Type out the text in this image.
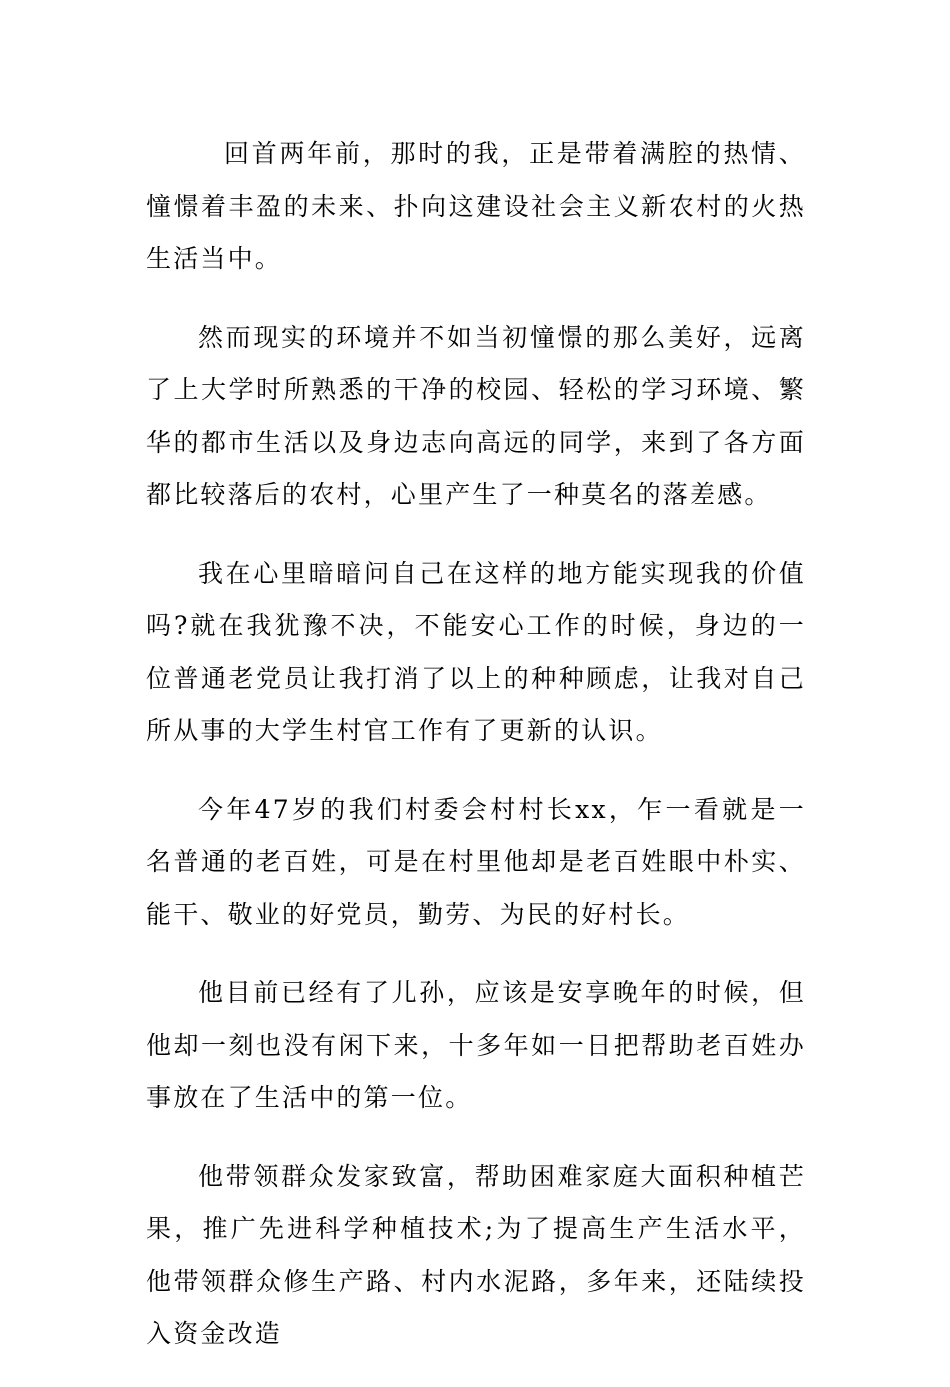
回首两年前，那时的我，正是带着满腔的热情、憧憬着丰盈的未来、扑向这建设社会主义新农村的火热生活当中。

然而现实的环境并不如当初憧憬的那么美好，远离了上大学时所熟悉的干净的校园、轻松的学习环境、繁华的都市生活以及身边志向高远的同学，来到了各方面都比较落后的农村，心里产生了一种莫名的落差感。

我在心里暗暗问自己在这样的地方能实现我的价值吗?就在我犹豫不决，不能安心工作的时候，身边的一位普通老党员让我打消了以上的种种顾虑，让我对自己所从事的大学生村官工作有了更新的认识。

今年47岁的我们村委会村村长xx，乍一看就是一名普通的老百姓，可是在村里他却是老百姓眼中朴实、能干、敬业的好党员，勤劳、为民的好村长。

他目前已经有了儿孙，应该是安享晚年的时候，但他却一刻也没有闲下来，十多年如一日把帮助老百姓办事放在了生活中的第一位。

他带领群众发家致富，帮助困难家庭大面积种植芒果，推广先进科学种植技术;为了提高生产生活水平，他带领群众修生产路、村内水泥路，多年来，还陆续投入资金改造
